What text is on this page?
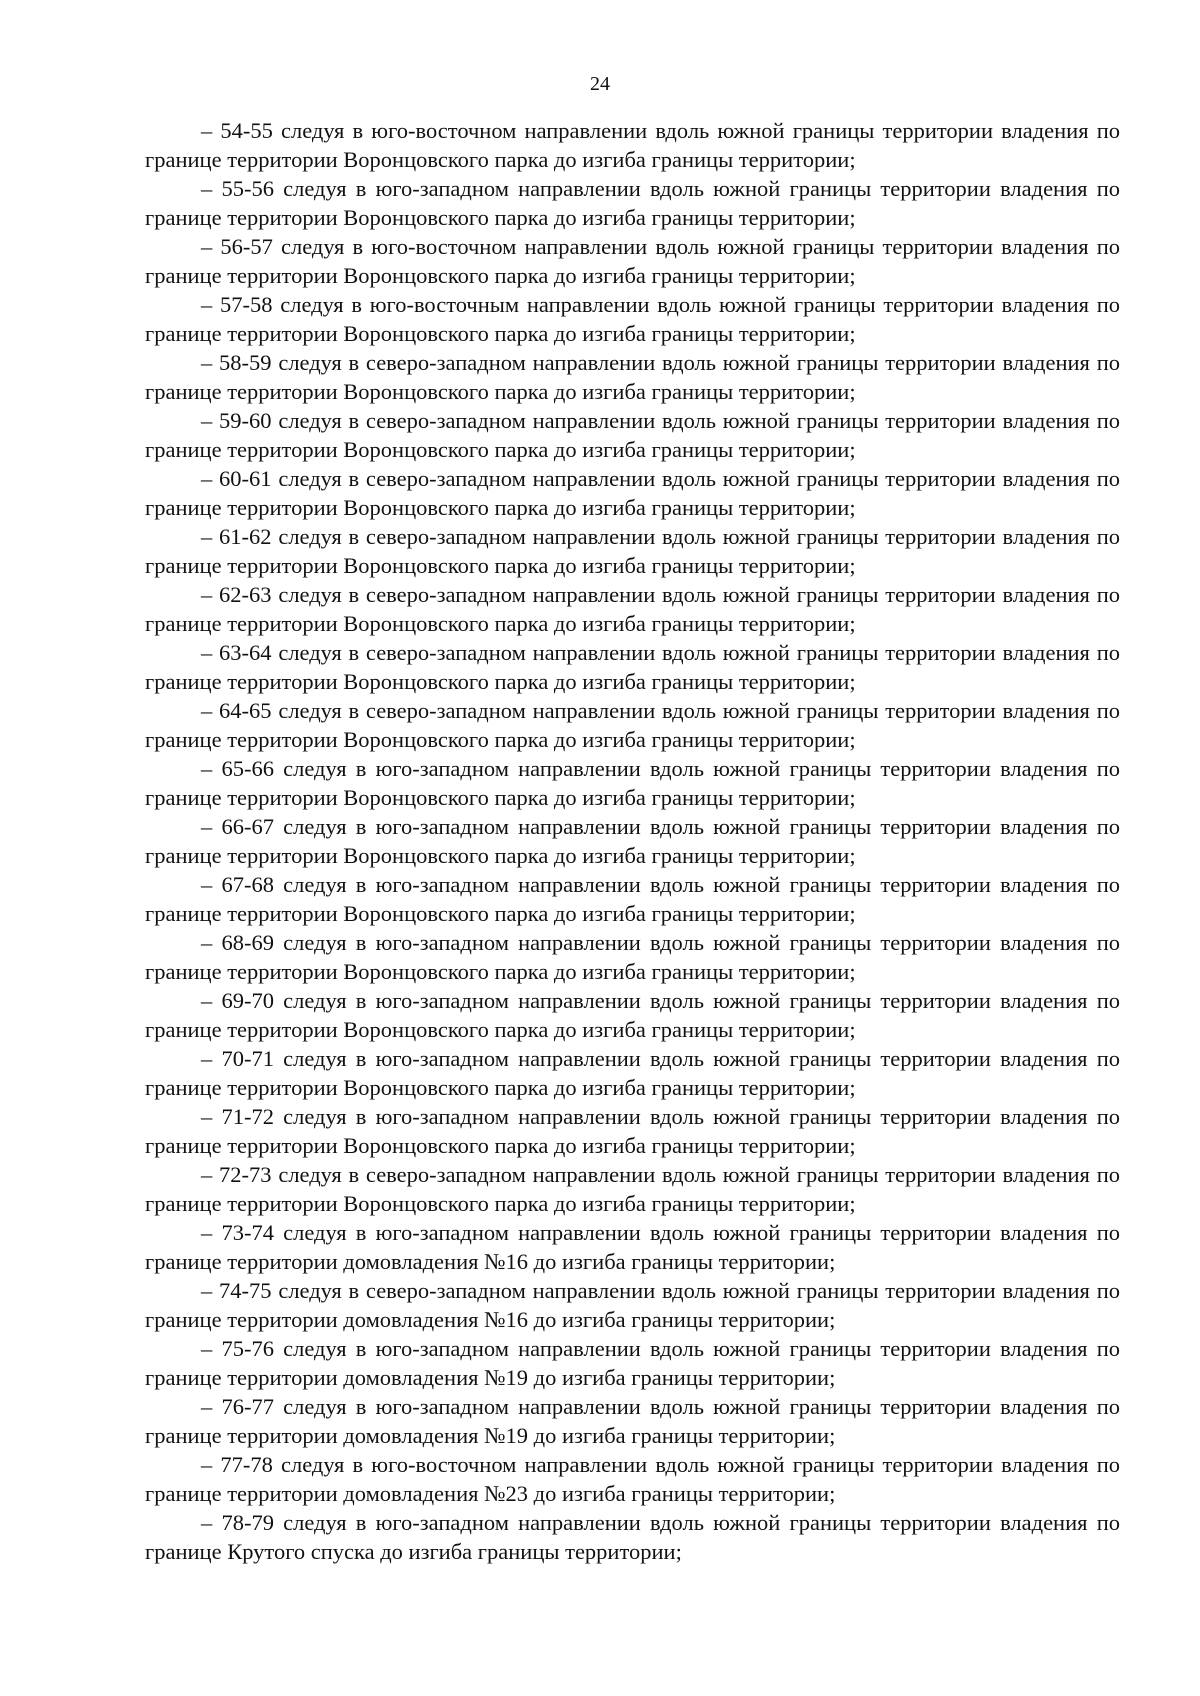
24

– 54-55 следуя в юго-восточном направлении вдоль южной границы территории владения по границе территории Воронцовского парка до изгиба границы территории;

– 55-56 следуя в юго-западном направлении вдоль южной границы территории владения по границе территории Воронцовского парка до изгиба границы территории;

– 56-57 следуя в юго-восточном направлении вдоль южной границы территории владения по границе территории Воронцовского парка до изгиба границы территории;

– 57-58 следуя в юго-восточным направлении вдоль южной границы территории владения по границе территории Воронцовского парка до изгиба границы территории;

– 58-59 следуя в северо-западном направлении вдоль южной границы территории владения по границе территории Воронцовского парка до изгиба границы территории;

– 59-60 следуя в северо-западном направлении вдоль южной границы территории владения по границе территории Воронцовского парка до изгиба границы территории;

– 60-61 следуя в северо-западном направлении вдоль южной границы территории владения по границе территории Воронцовского парка до изгиба границы территории;

– 61-62 следуя в северо-западном направлении вдоль южной границы территории владения по границе территории Воронцовского парка до изгиба границы территории;

– 62-63 следуя в северо-западном направлении вдоль южной границы территории владения по границе территории Воронцовского парка до изгиба границы территории;

– 63-64 следуя в северо-западном направлении вдоль южной границы территории владения по границе территории Воронцовского парка до изгиба границы территории;

– 64-65 следуя в северо-западном направлении вдоль южной границы территории владения по границе территории Воронцовского парка до изгиба границы территории;

– 65-66 следуя в юго-западном направлении вдоль южной границы территории владения по границе территории Воронцовского парка до изгиба границы территории;

– 66-67 следуя в юго-западном направлении вдоль южной границы территории владения по границе территории Воронцовского парка до изгиба границы территории;

– 67-68 следуя в юго-западном направлении вдоль южной границы территории владения по границе территории Воронцовского парка до изгиба границы территории;

– 68-69 следуя в юго-западном направлении вдоль южной границы территории владения по границе территории Воронцовского парка до изгиба границы территории;

– 69-70 следуя в юго-западном направлении вдоль южной границы территории владения по границе территории Воронцовского парка до изгиба границы территории;

– 70-71 следуя в юго-западном направлении вдоль южной границы территории владения по границе территории Воронцовского парка до изгиба границы территории;

– 71-72 следуя в юго-западном направлении вдоль южной границы территории владения по границе территории Воронцовского парка до изгиба границы территории;

– 72-73 следуя в северо-западном направлении вдоль южной границы территории владения по границе территории Воронцовского парка до изгиба границы территории;

– 73-74 следуя в юго-западном направлении вдоль южной границы территории владения по границе территории домовладения №16 до изгиба границы территории;

– 74-75 следуя в северо-западном направлении вдоль южной границы территории владения по границе территории домовладения №16 до изгиба границы территории;

– 75-76 следуя в юго-западном направлении вдоль южной границы территории владения по границе территории домовладения №19 до изгиба границы территории;

– 76-77 следуя в юго-западном направлении вдоль южной границы территории владения по границе территории домовладения №19 до изгиба границы территории;

– 77-78 следуя в юго-восточном направлении вдоль южной границы территории владения по границе территории домовладения №23 до изгиба границы территории;

– 78-79 следуя в юго-западном направлении вдоль южной границы территории владения по границе Крутого спуска до изгиба границы территории;
